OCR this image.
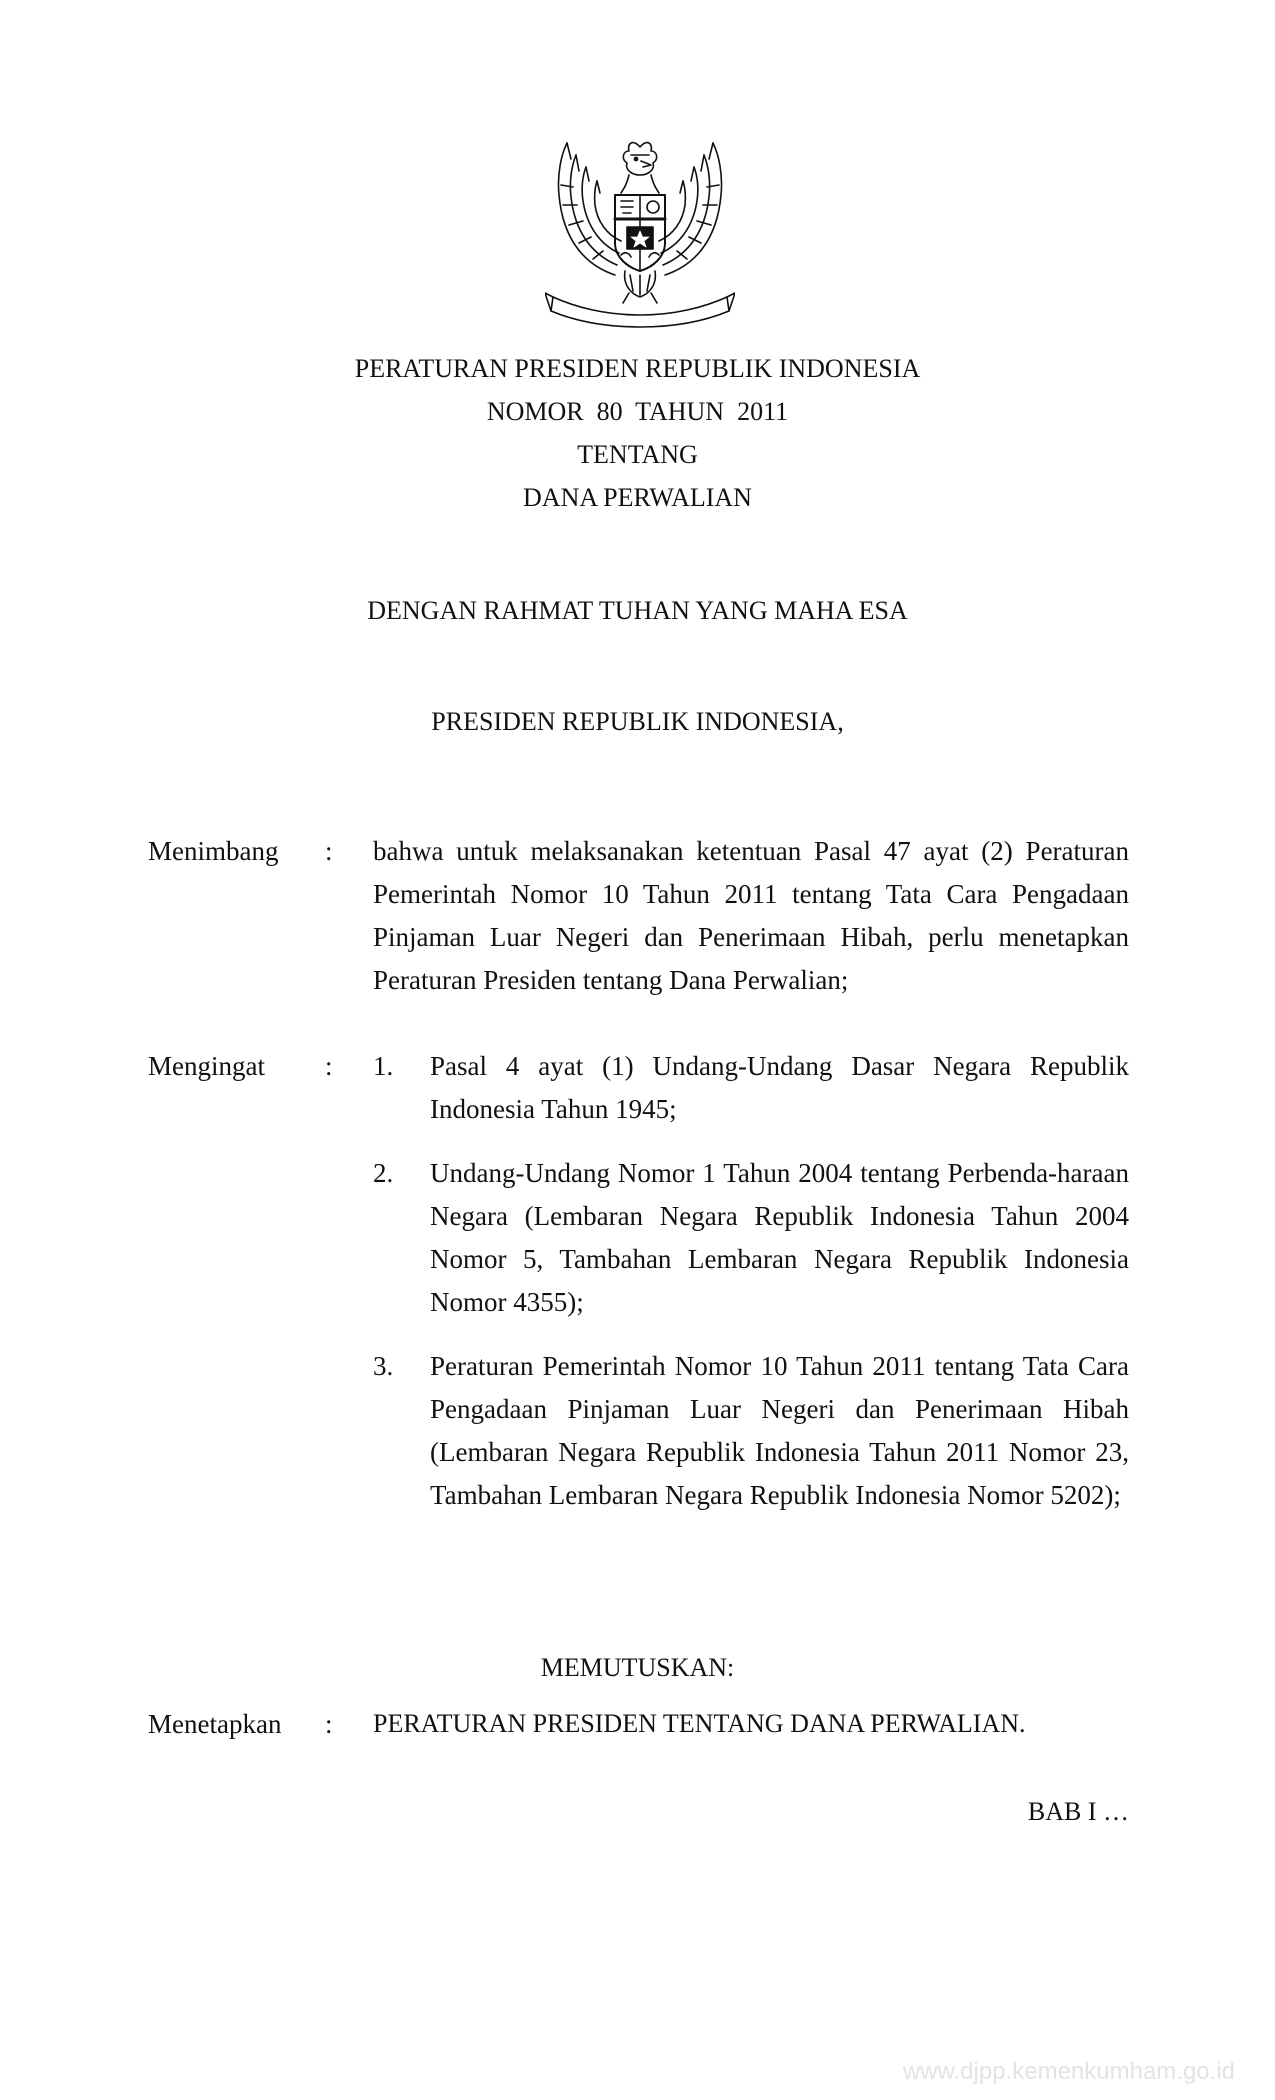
PERATURAN PRESIDEN REPUBLIK INDONESIA
NOMOR  80  TAHUN  2011
TENTANG
DANA PERWALIAN
DENGAN RAHMAT TUHAN YANG MAHA ESA
PRESIDEN REPUBLIK INDONESIA,
Menimbang : bahwa untuk melaksanakan ketentuan Pasal 47 ayat (2) Peraturan Pemerintah Nomor 10 Tahun 2011 tentang Tata Cara Pengadaan Pinjaman Luar Negeri dan Penerimaan Hibah, perlu menetapkan Peraturan Presiden tentang Dana Perwalian;
Mengingat : 1. Pasal 4 ayat (1) Undang-Undang Dasar Negara Republik Indonesia Tahun 1945;
2. Undang-Undang Nomor 1 Tahun 2004 tentang Perbenda-haraan Negara (Lembaran Negara Republik Indonesia Tahun 2004 Nomor 5, Tambahan Lembaran Negara Republik Indonesia Nomor 4355);
3. Peraturan Pemerintah Nomor 10 Tahun 2011 tentang Tata Cara Pengadaan Pinjaman Luar Negeri dan Penerimaan Hibah (Lembaran Negara Republik Indonesia Tahun 2011 Nomor 23, Tambahan Lembaran Negara Republik Indonesia Nomor 5202);
MEMUTUSKAN:
Menetapkan : PERATURAN PRESIDEN TENTANG DANA PERWALIAN.
BAB I …
www.djpp.kemenkumham.go.id
